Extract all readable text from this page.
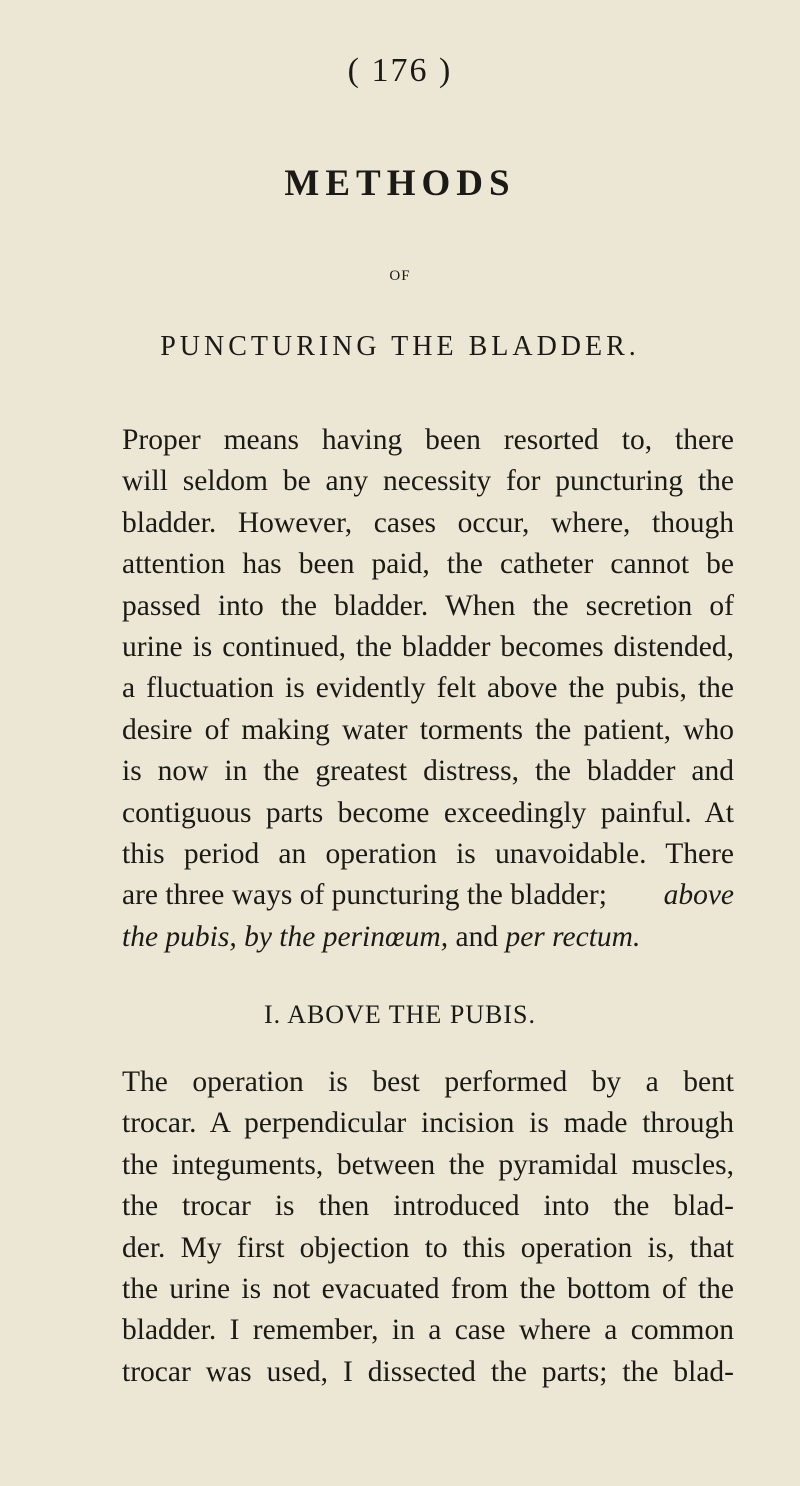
( 176 )
METHODS
OF
PUNCTURING THE BLADDER.
Proper means having been resorted to, there
will seldom be any necessity for puncturing the
bladder. However, cases occur, where, though
attention has been paid, the catheter cannot be
passed into the bladder. When the secretion of
urine is continued, the bladder becomes distended,
a fluctuation is evidently felt above the pubis, the
desire of making water torments the patient, who
is now in the greatest distress, the bladder and
contiguous parts become exceedingly painful. At
this period an operation is unavoidable. There
are three ways of puncturing the bladder; above
the pubis, by the perinœum, and per rectum.
I. ABOVE THE PUBIS.
The operation is best performed by a bent
trocar. A perpendicular incision is made through
the integuments, between the pyramidal muscles,
the trocar is then introduced into the blad-
der. My first objection to this operation is, that
the urine is not evacuated from the bottom of the
bladder. I remember, in a case where a common
trocar was used, I dissected the parts; the blad-
